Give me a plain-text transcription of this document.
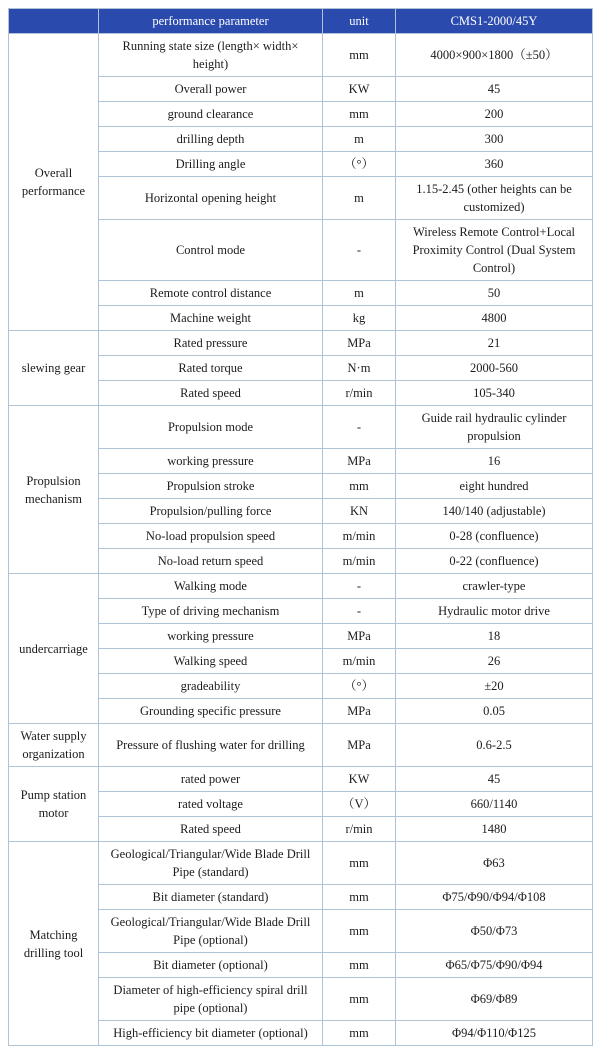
	performance parameter	unit	CMS1-2000/45Y
Overall performance	Running state size (length× width× height)	mm	4000×900×1800（±50）
	Overall power	KW	45
	ground clearance	mm	200
	drilling depth	m	300
	Drilling angle	（°）	360
	Horizontal opening height	m	1.15-2.45 (other heights can be customized)
	Control mode	-	Wireless Remote Control+Local Proximity Control (Dual System Control)
	Remote control distance	m	50
	Machine weight	kg	4800
slewing gear	Rated pressure	MPa	21
	Rated torque	N·m	2000-560
	Rated speed	r/min	105-340
Propulsion mechanism	Propulsion mode	-	Guide rail hydraulic cylinder propulsion
	working pressure	MPa	16
	Propulsion stroke	mm	eight hundred
	Propulsion/pulling force	KN	140/140 (adjustable)
	No-load propulsion speed	m/min	0-28 (confluence)
	No-load return speed	m/min	0-22 (confluence)
undercarriage	Walking mode	-	crawler-type
	Type of driving mechanism	-	Hydraulic motor drive
	working pressure	MPa	18
	Walking speed	m/min	26
	gradeability	（°）	±20
	Grounding specific pressure	MPa	0.05
Water supply organization	Pressure of flushing water for drilling	MPa	0.6-2.5
Pump station motor	rated power	KW	45
	rated voltage	（V）	660/1140
	Rated speed	r/min	1480
Matching drilling tool	Geological/Triangular/Wide Blade Drill Pipe (standard)	mm	Φ63
	Bit diameter (standard)	mm	Φ75/Φ90/Φ94/Φ108
	Geological/Triangular/Wide Blade Drill Pipe (optional)	mm	Φ50/Φ73
	Bit diameter (optional)	mm	Φ65/Φ75/Φ90/Φ94
	Diameter of high-efficiency spiral drill pipe (optional)	mm	Φ69/Φ89
	High-efficiency bit diameter (optional)	mm	Φ94/Φ110/Φ125
